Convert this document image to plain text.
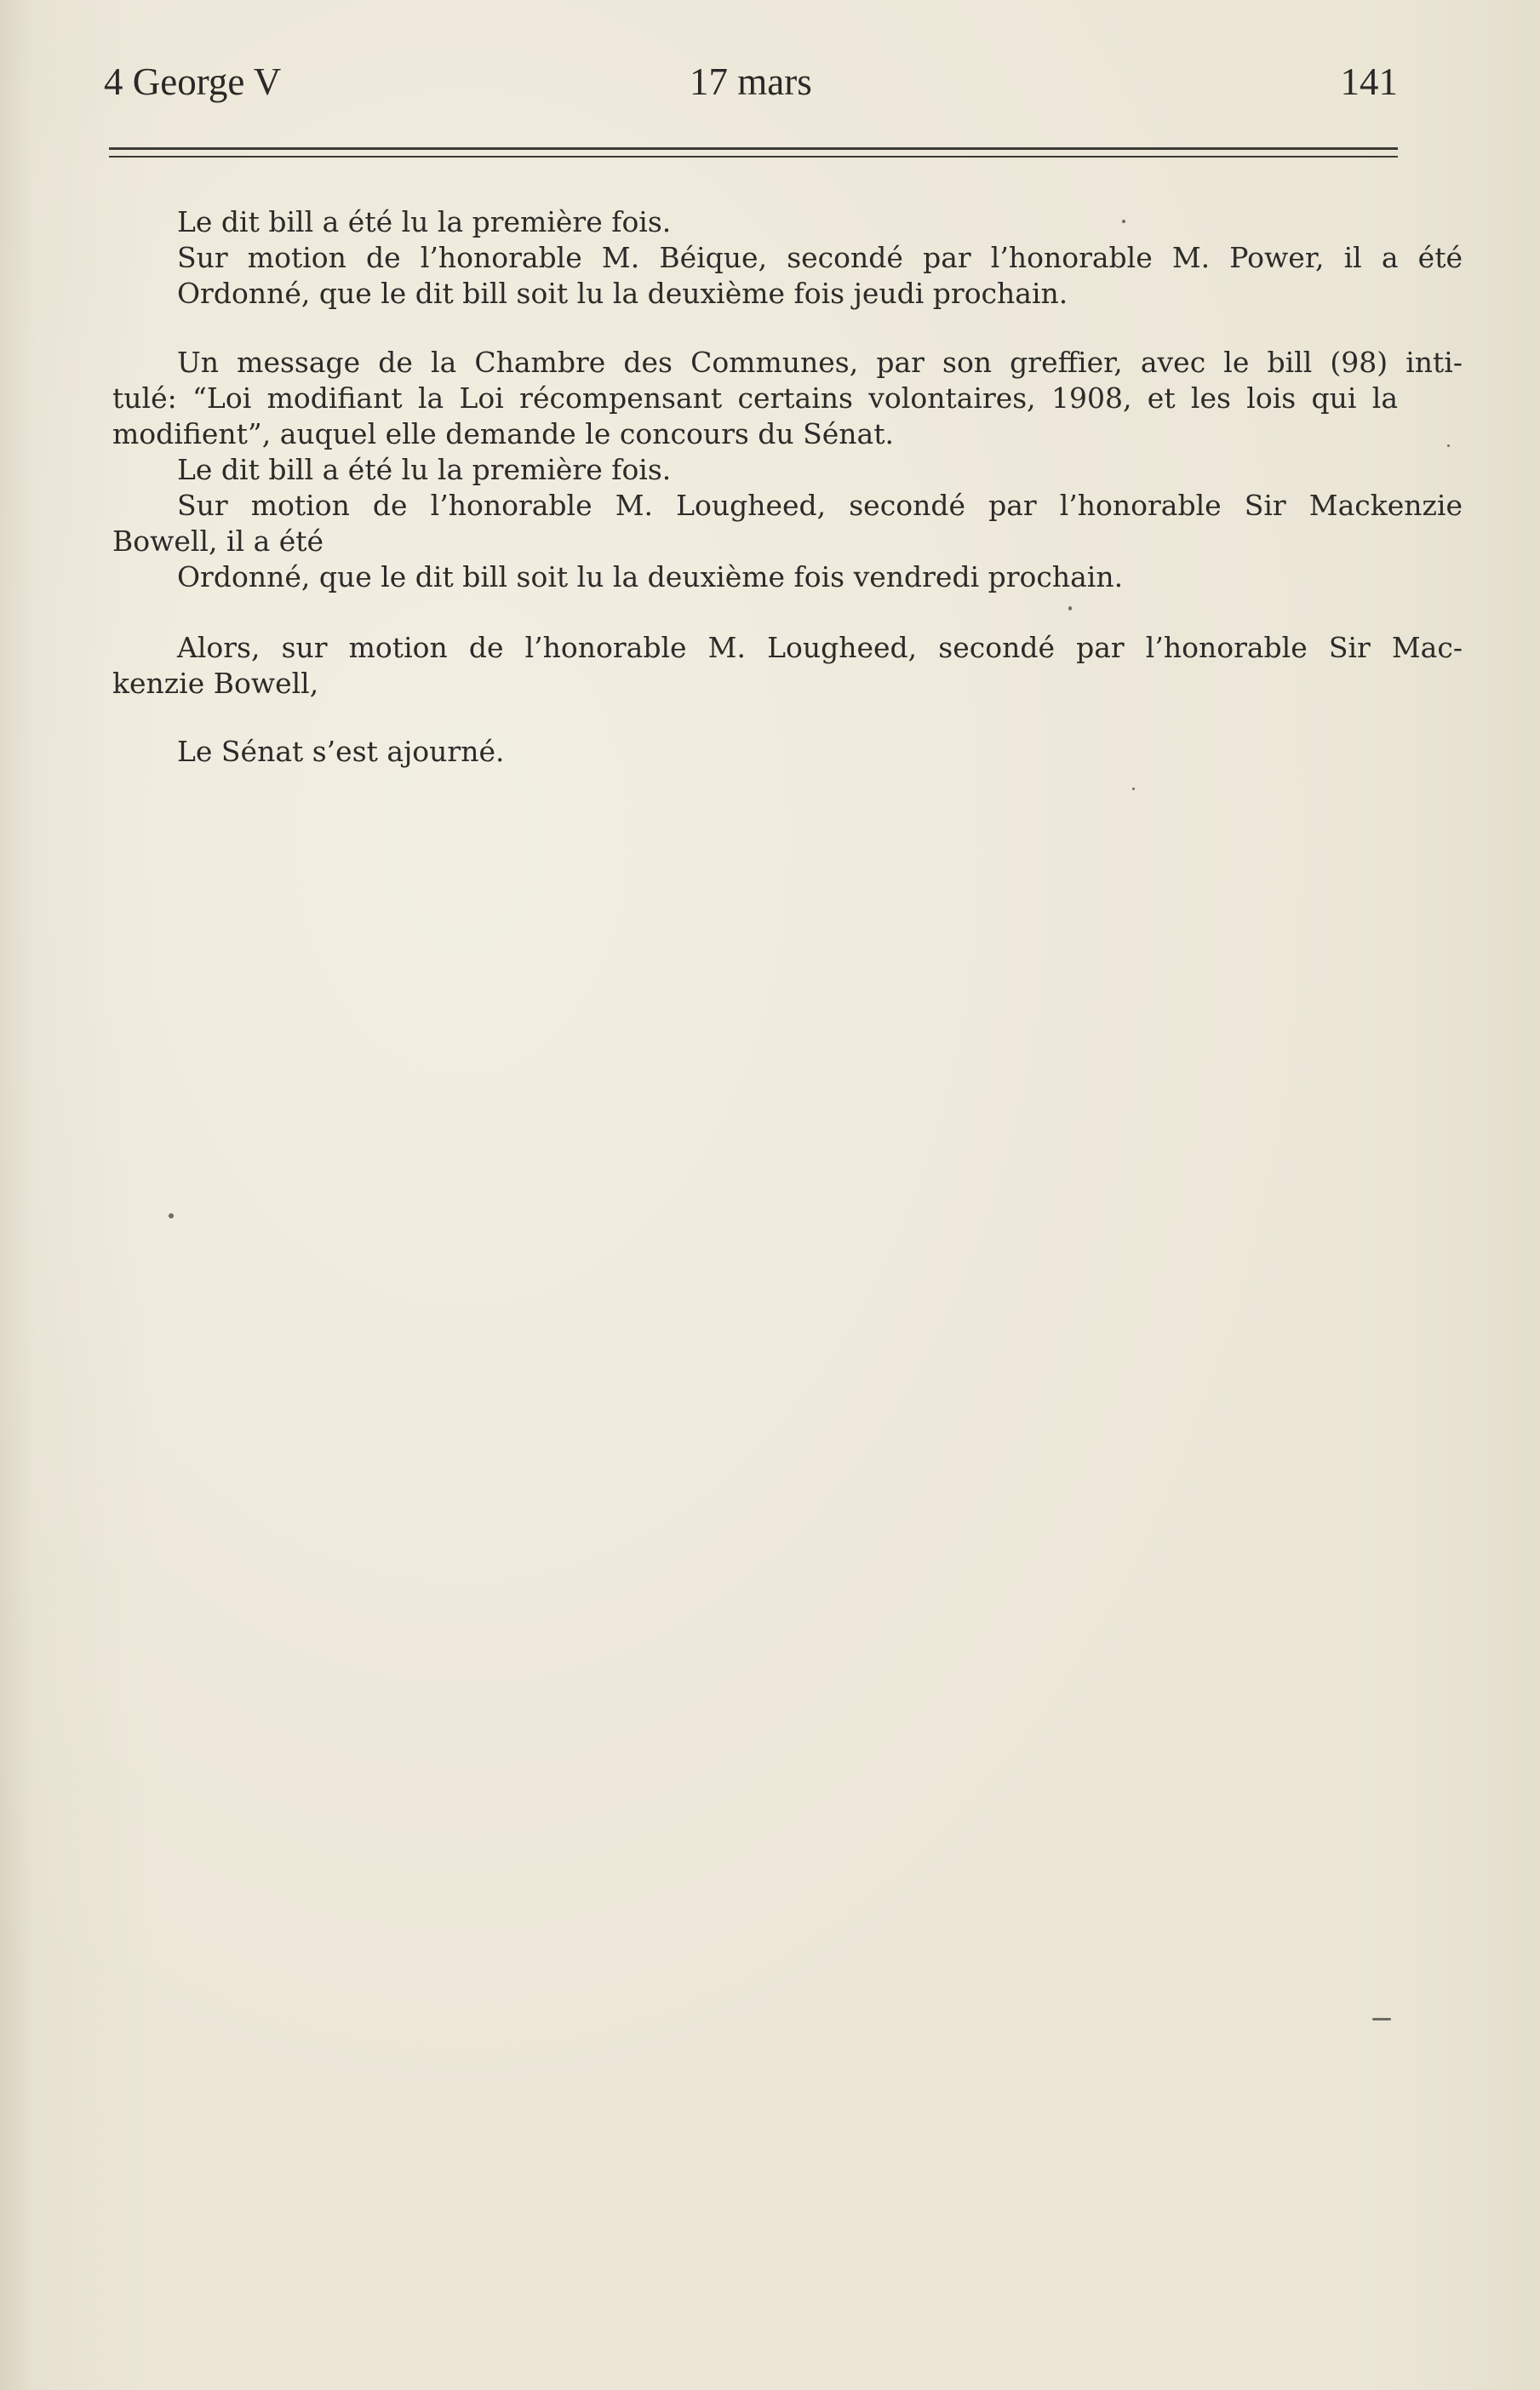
4 George V	17 mars	141
Le dit bill a été lu la première fois.
Sur motion de l’honorable M. Béique, secondé par l’honorable M. Power, il a été
Ordonné, que le dit bill soit lu la deuxième fois jeudi prochain.
Un message de la Chambre des Communes, par son greffier, avec le bill (98) inti-
tulé: “Loi modifiant la Loi récompensant certains volontaires, 1908, et les lois qui la
modifient”, auquel elle demande le concours du Sénat.
Le dit bill a été lu la première fois.
Sur motion de l’honorable M. Lougheed, secondé par l’honorable Sir Mackenzie
Bowell, il a été
Ordonné, que le dit bill soit lu la deuxième fois vendredi prochain.
Alors, sur motion de l’honorable M. Lougheed, secondé par l’honorable Sir Mac-
kenzie Bowell,
Le Sénat s’est ajourné.
